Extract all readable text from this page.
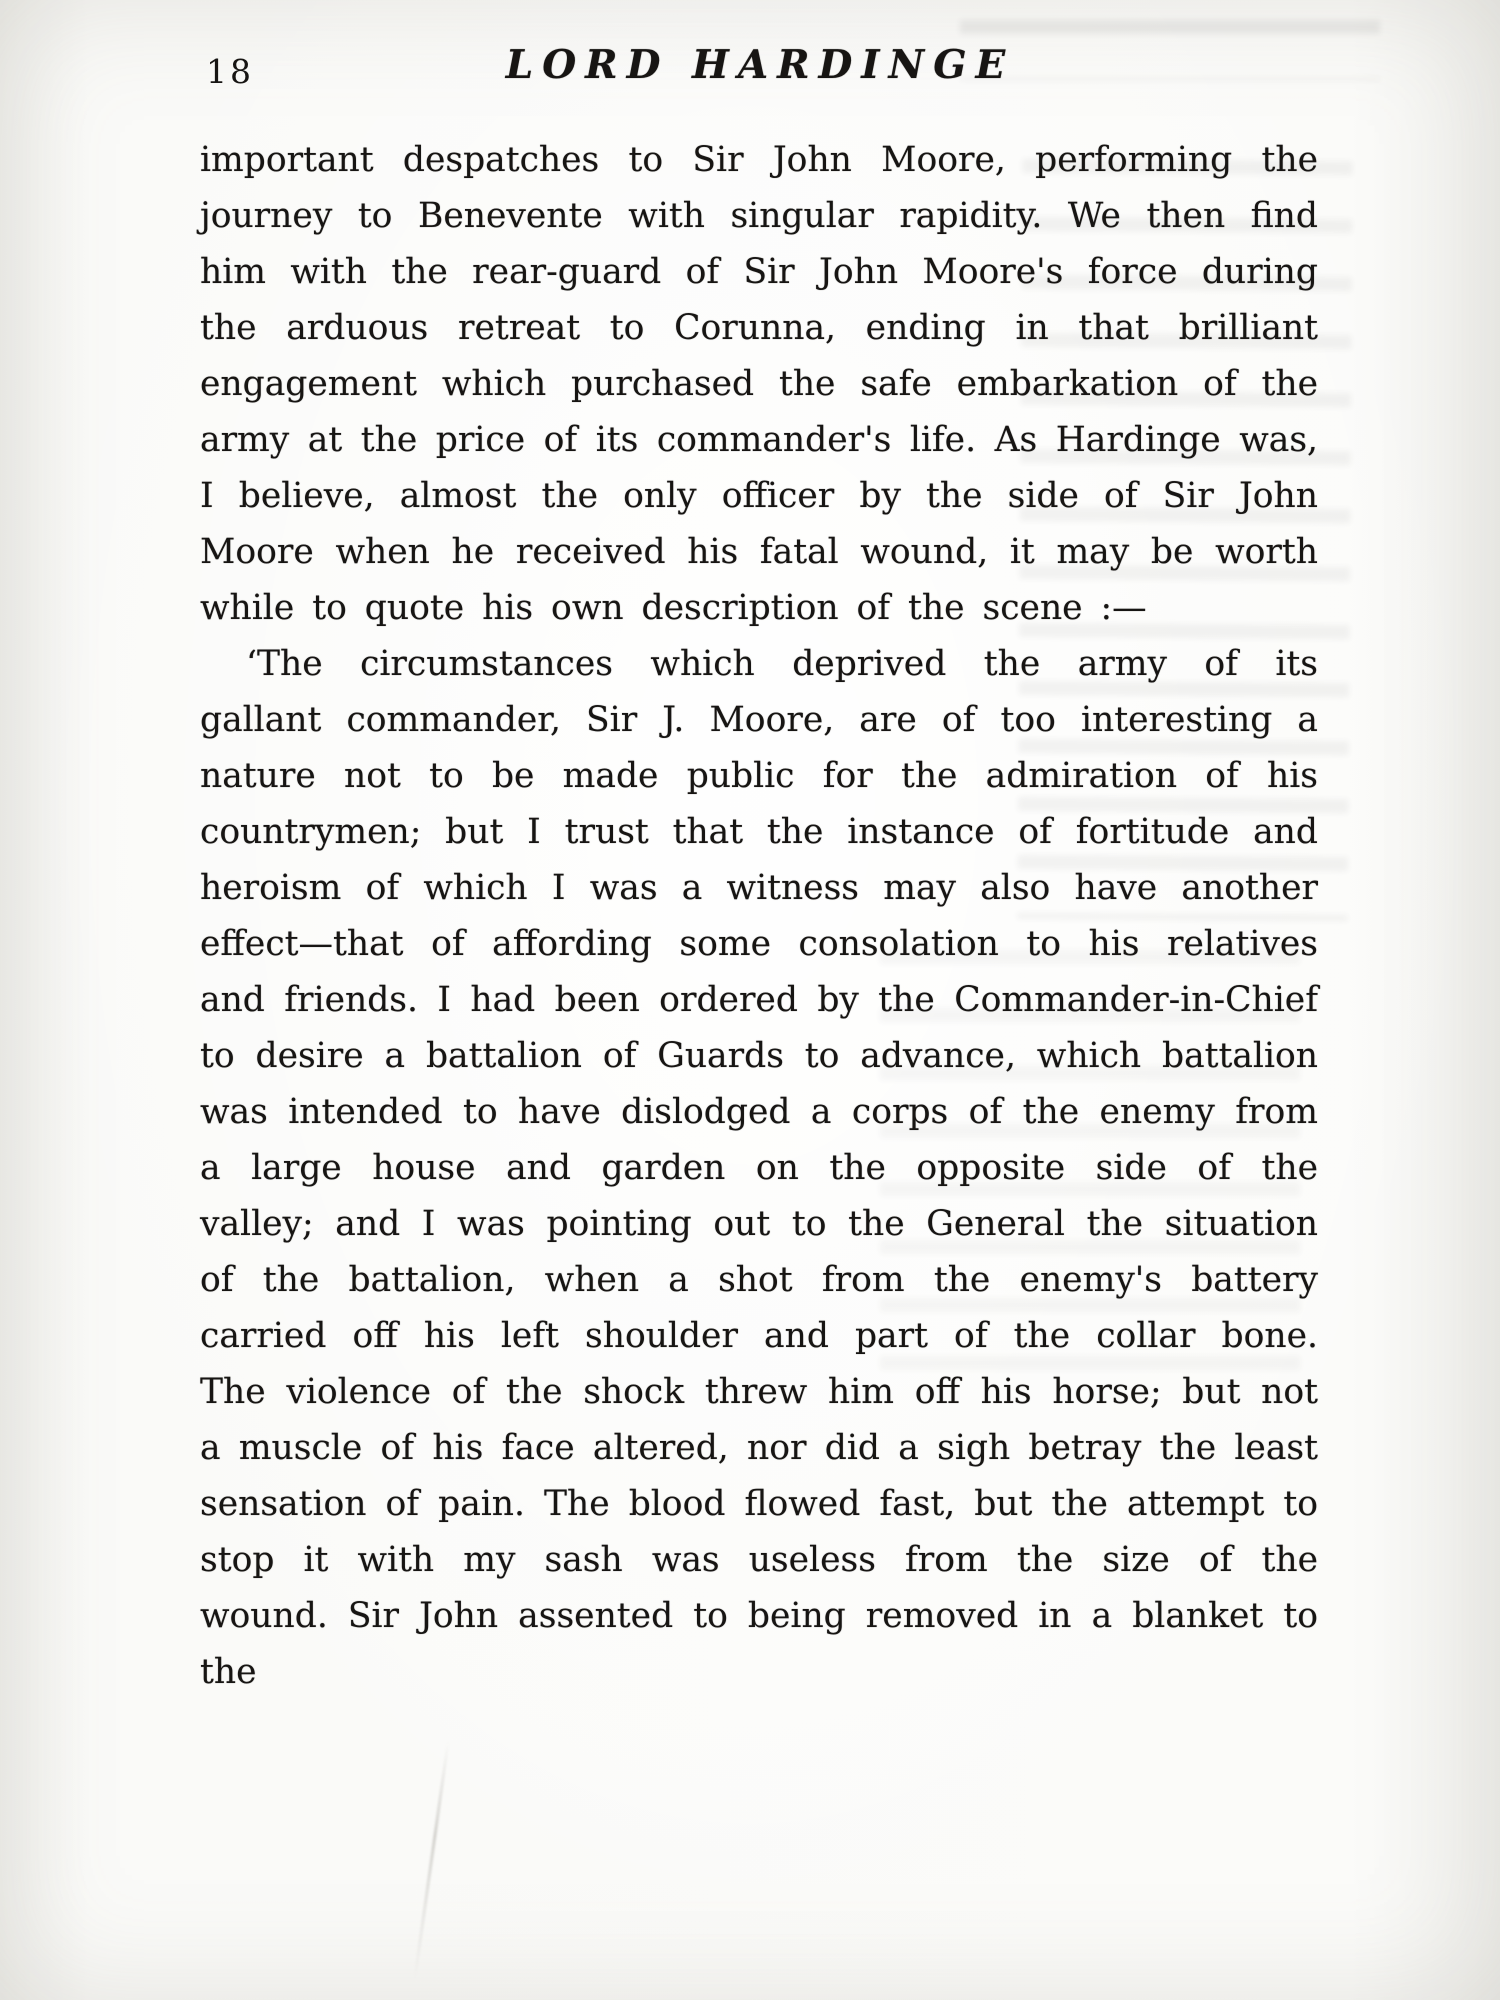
18	LORD HARDINGE

important despatches to Sir John Moore, performing the journey to Benevente with singular rapidity. We then find him with the rear-guard of Sir John Moore's force during the arduous retreat to Corunna, ending in that brilliant engagement which purchased the safe embarkation of the army at the price of its commander's life. As Hardinge was, I believe, almost the only officer by the side of Sir John Moore when he received his fatal wound, it may be worth while to quote his own description of the scene :—

‘The circumstances which deprived the army of its gallant commander, Sir J. Moore, are of too interesting a nature not to be made public for the admiration of his countrymen; but I trust that the instance of fortitude and heroism of which I was a witness may also have another effect—that of affording some consolation to his relatives and friends. I had been ordered by the Commander-in-Chief to desire a battalion of Guards to advance, which battalion was intended to have dislodged a corps of the enemy from a large house and garden on the opposite side of the valley; and I was pointing out to the General the situation of the battalion, when a shot from the enemy's battery carried off his left shoulder and part of the collar bone. The violence of the shock threw him off his horse; but not a muscle of his face altered, nor did a sigh betray the least sensation of pain. The blood flowed fast, but the attempt to stop it with my sash was useless from the size of the wound. Sir John assented to being removed in a blanket to the
